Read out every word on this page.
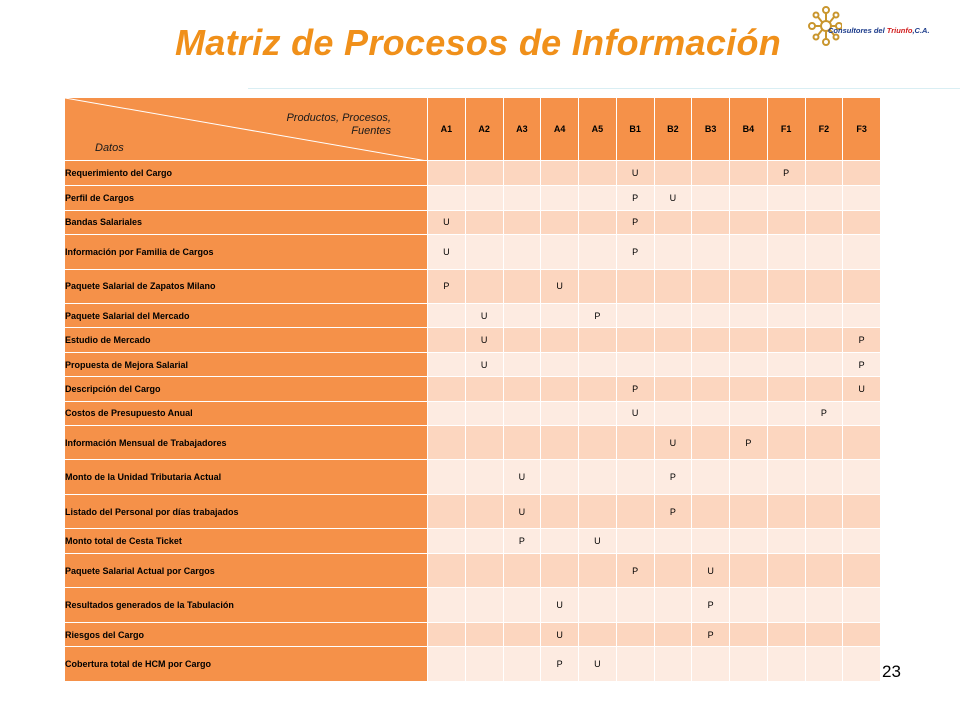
Matriz de Procesos de Información	Consultores del Triunfo,C.A.
Productos, Procesos,
Fuentes
Datos	A1	A2	A3	A4	A5	B1	B2	B3	B4	F1	F2	F3
Requerimiento del Cargo						U				P		
Perfil de Cargos						P	U					
Bandas Salariales	U					P						
Información por Familia de Cargos	U					P						
Paquete Salarial de Zapatos Milano	P			U								
Paquete Salarial del Mercado		U			P							
Estudio de Mercado		U										P
Propuesta de Mejora Salarial		U										P
Descripción del Cargo						P						U
Costos de Presupuesto Anual						U					P	
Información Mensual de Trabajadores							U		P			
Monto de la Unidad Tributaria Actual			U				P					
Listado del Personal por días trabajados			U				P					
Monto total de Cesta Ticket			P		U							
Paquete Salarial Actual por Cargos						P		U				
Resultados generados de la Tabulación				U				P				
Riesgos del Cargo				U				P				
Cobertura total de HCM por Cargo				P	U								23
